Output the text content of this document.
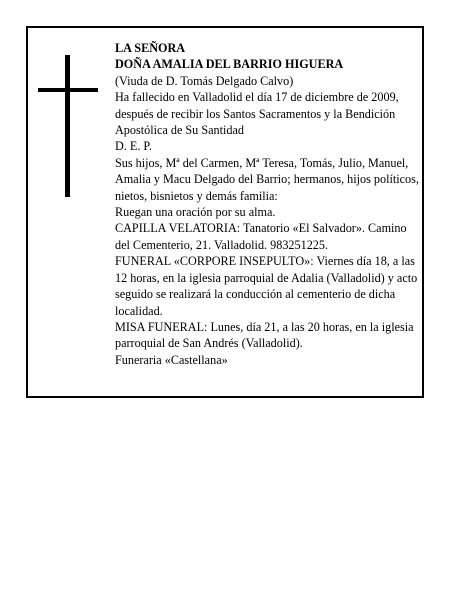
LA SEÑORA

DOÑA AMALIA DEL BARRIO HIGUERA

(Viuda de D. Tomás Delgado Calvo)

Ha fallecido en Valladolid el día 17 de diciembre de 2009, después de recibir los Santos Sacramentos y la Bendición Apostólica de Su Santidad

D. E. P.

Sus hijos, Mª del Carmen, Mª Teresa, Tomás, Julio, Manuel, Amalia y Macu Delgado del Barrio; hermanos, hijos políticos, nietos, bisnietos y demás familia:

Ruegan una oración por su alma.

CAPILLA VELATORIA: Tanatorio «El Salvador». Camino del Cementerio, 21. Valladolid. 983251225.

FUNERAL «CORPORE INSEPULTO»: Viernes día 18, a las 12 horas, en la iglesia parroquial de Adalia (Valladolid) y acto seguido se realizará la conducción al cementerio de dicha localidad.

MISA FUNERAL: Lunes, día 21, a las 20 horas, en la iglesia parroquial de San Andrés (Valladolid).

Funeraria «Castellana»
